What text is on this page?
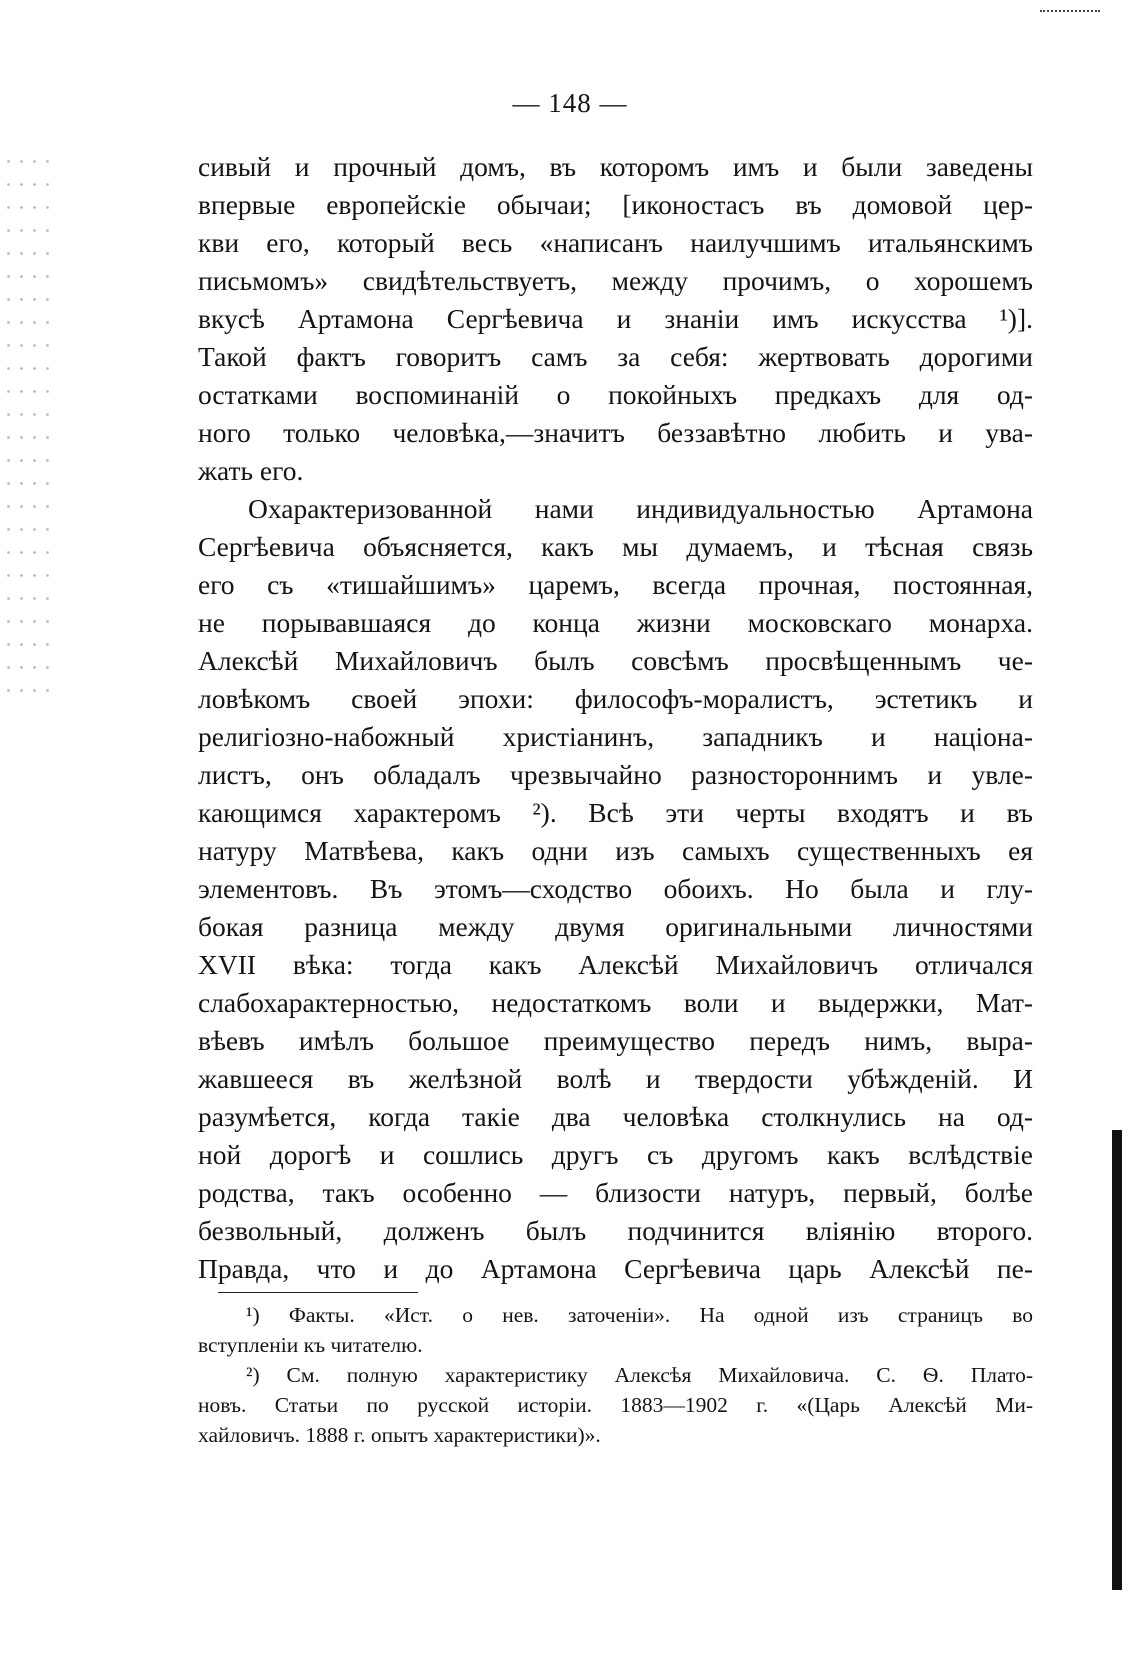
— 148 —
сивый и прочный домъ, въ которомъ имъ и были заведены
впервые европейскіе обычаи; [иконостасъ въ домовой цер-
кви его, который весь «написанъ наилучшимъ итальянскимъ
письмомъ» свидѣтельствуетъ, между прочимъ, о хорошемъ
вкусѣ Артамона Сергѣевича и знаніи имъ искусства ¹)].
Такой фактъ говоритъ самъ за себя: жертвовать дорогими
остатками воспоминаній о покойныхъ предкахъ для од-
ного только человѣка,—значитъ беззавѣтно любить и ува-
жать его.
Охарактеризованной нами индивидуальностью Артамона
Сергѣевича объясняется, какъ мы думаемъ, и тѣсная связь
его съ «тишайшимъ» царемъ, всегда прочная, постоянная,
не порывавшаяся до конца жизни московскаго монарха.
Алексѣй Михайловичъ былъ совсѣмъ просвѣщеннымъ че-
ловѣкомъ своей эпохи: философъ-моралистъ, эстетикъ и
религіозно-набожный христіанинъ, западникъ и націона-
листъ, онъ обладалъ чрезвычайно разностороннимъ и увле-
кающимся характеромъ ²). Всѣ эти черты входятъ и въ
натуру Матвѣева, какъ одни изъ самыхъ существенныхъ ея
элементовъ. Въ этомъ—сходство обоихъ. Но была и глу-
бокая разница между двумя оригинальными личностями
XVII вѣка: тогда какъ Алексѣй Михайловичъ отличался
слабохарактерностью, недостаткомъ воли и выдержки, Мат-
вѣевъ имѣлъ большое преимущество передъ нимъ, выра-
жавшееся въ желѣзной волѣ и твердости убѣжденій. И
разумѣется, когда такіе два человѣка столкнулись на од-
ной дорогѣ и сошлись другъ съ другомъ какъ вслѣдствіе
родства, такъ особенно — близости натуръ, первый, болѣе
безвольный, долженъ былъ подчинится вліянію второго.
Правда, что и до Артамона Сергѣевича царь Алексѣй пе-
¹) Факты. «Ист. о нев. заточеніи». На одной изъ страницъ во
вступленіи къ читателю.
²) См. полную характеристику Алексѣя Михайловича. С. Ѳ. Плато-
новъ. Статьи по русской исторіи. 1883—1902 г. «(Царь Алексѣй Ми-
хайловичъ. 1888 г. опытъ характеристики)».
